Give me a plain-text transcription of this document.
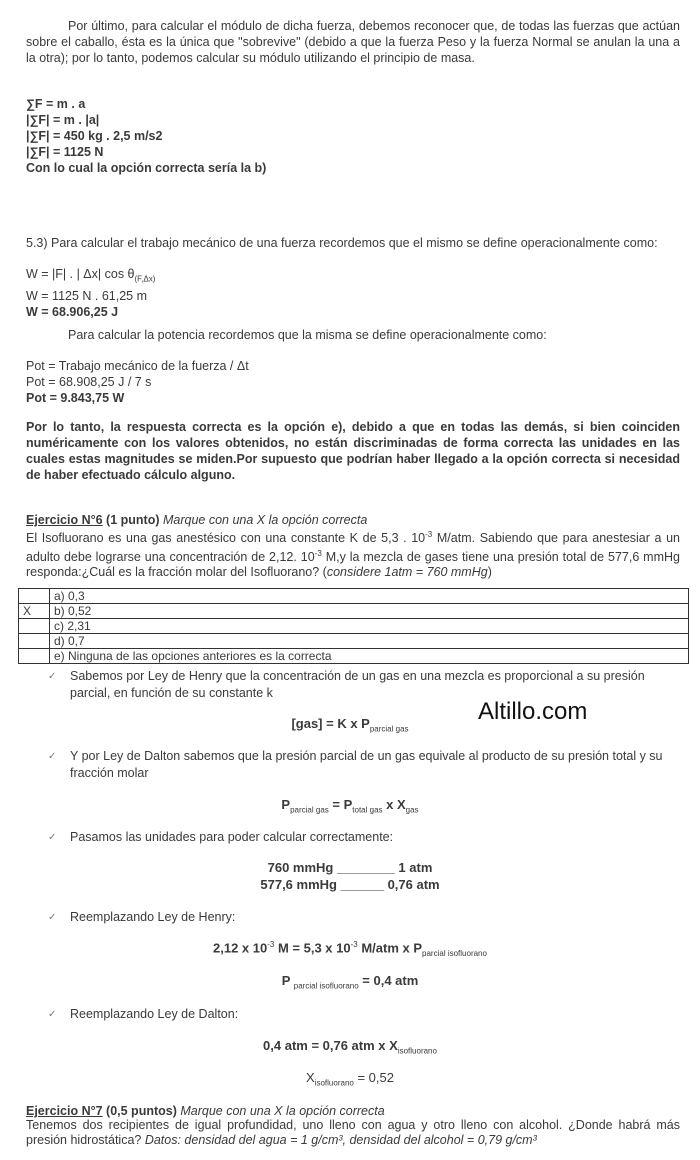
Por último, para calcular el módulo de dicha fuerza, debemos reconocer que, de todas las fuerzas que actúan sobre el caballo, ésta es la única que "sobrevive" (debido a que la fuerza Peso y la fuerza Normal se anulan la una a la otra); por lo tanto, podemos calcular su módulo utilizando el principio de masa.
∑F = m . a
|∑F| = m . |a|
|∑F| = 450 kg . 2,5 m/s2
|∑F| = 1125 N
Con lo cual la opción correcta sería la b)
5.3) Para calcular el trabajo mecánico de una fuerza recordemos que el mismo se define operacionalmente como:
W = |F| . | Δx| $\cos \theta_{(F,\Delta x)}$
W = 1125 N . 61,25 m
W = 68.906,25 J
Para calcular la potencia recordemos que la misma se define operacionalmente como:
Pot = Trabajo mecánico de la fuerza / Δt
Pot = 68.908,25 J / 7 s
Pot = 9.843,75 W
Por lo tanto, la respuesta correcta es la opción e), debido a que en todas las demás, si bien coinciden numéricamente con los valores obtenidos, no están discriminadas de forma correcta las unidades en las cuales estas magnitudes se miden.Por supuesto que podrían haber llegado a la opción correcta si necesidad de haber efectuado cálculo alguno.
Ejercicio N°6 (1 punto) Marque con una X la opción correcta
El Isofluorano es una gas anestésico con una constante K de 5,3 . $10^{-3}$ M/atm. Sabiendo que para anestesiar a un adulto debe lograrse una concentración de 2,12. $10^{-3}$ M,y la mezcla de gases tiene una presión total de 577,6 mmHg responda:¿Cuál es la fracción molar del Isofluorano? (considere 1atm = 760 mmHg)
	a) 0,3
X	b) 0,52
	c) 2,31
	d) 0,7
	e) Ninguna de las opciones anteriores es la correcta
✓ Sabemos por Ley de Henry que la concentración de un gas en una mezcla es proporcional a su presión parcial, en función de su constante k
Altillo.com
[gas] = K x $P_{parcial gas}$
✓ Y por Ley de Dalton sabemos que la presión parcial de un gas equivale al producto de su presión total y su fracción molar
$P_{parcial gas} = P_{total gas}$ x $X_{gas}$
✓ Pasamos las unidades para poder calcular correctamente:
760 mmHg ________ 1 atm
577,6 mmHg ______ 0,76 atm
✓ Reemplazando Ley de Henry:
2,12 x $10^{-3}$ M = 5,3 x $10^{-3}$ M/atm x $P_{parcial isofluorano}$
P $_{parcial isofluorano}$ = 0,4 atm
✓ Reemplazando Ley de Dalton:
0,4 atm = 0,76 atm x $X_{isofluorano}$
$X_{isofluorano} = 0,52$
Ejercicio N°7 (0,5 puntos) Marque con una X la opción correcta
Tenemos dos recipientes de igual profundidad, uno lleno con agua y otro lleno con alcohol. ¿Donde habrá más presión hidrostática? Datos: densidad del agua = 1 g/cm³, densidad del alcohol = 0,79 g/cm³
